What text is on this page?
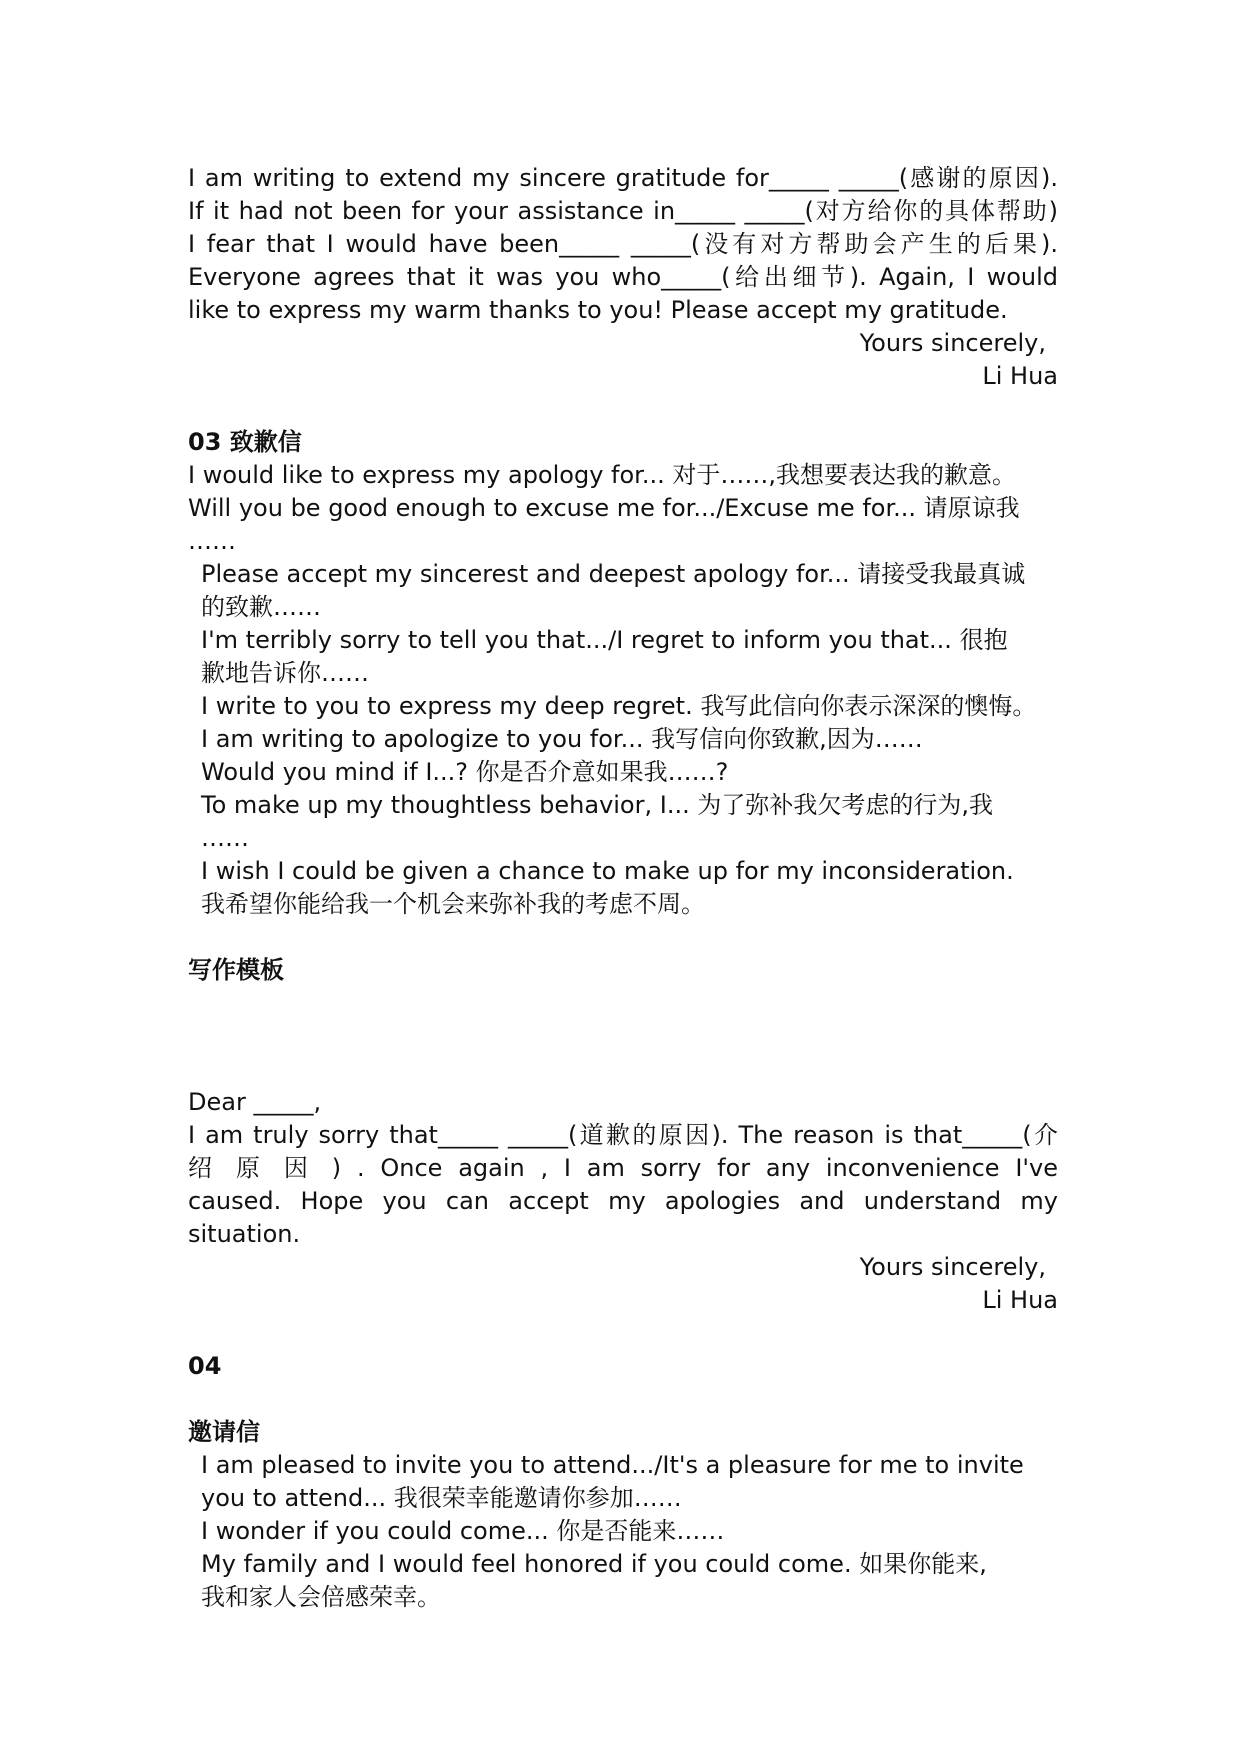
I am writing to extend my sincere gratitude for_____ _____(感谢的原因).
If it had not been for your assistance in_____ _____(对方给你的具体帮助)
I fear that I would have been_____ _____(没有对方帮助会产生的后果).
Everyone agrees that it was you who_____(给出细节). Again, I would
like to express my warm thanks to you! Please accept my gratitude.
Yours sincerely,
Li Hua
03 致歉信
I would like to express my apology for... 对于……,我想要表达我的歉意。
Will you be good enough to excuse me for.../Excuse me for... 请原谅我
……
Please accept my sincerest and deepest apology for... 请接受我最真诚
的致歉……
I'm terribly sorry to tell you that.../I regret to inform you that... 很抱
歉地告诉你……
I write to you to express my deep regret. 我写此信向你表示深深的懊悔。
I am writing to apologize to you for... 我写信向你致歉,因为……
Would you mind if I...? 你是否介意如果我……?
To make up my thoughtless behavior, I... 为了弥补我欠考虑的行为,我
……
I wish I could be given a chance to make up for my inconsideration.
我希望你能给我一个机会来弥补我的考虑不周。
写作模板
Dear _____,
I am truly sorry that_____ _____(道歉的原因). The reason is that_____(介
绍 原 因 ) . Once again , I am sorry for any inconvenience I've
caused. Hope you can accept my apologies and understand my
situation.
Yours sincerely,
Li Hua
04
邀请信
I am pleased to invite you to attend.../It's a pleasure for me to invite
you to attend... 我很荣幸能邀请你参加……
I wonder if you could come... 你是否能来……
My family and I would feel honored if you could come. 如果你能来,
我和家人会倍感荣幸。
